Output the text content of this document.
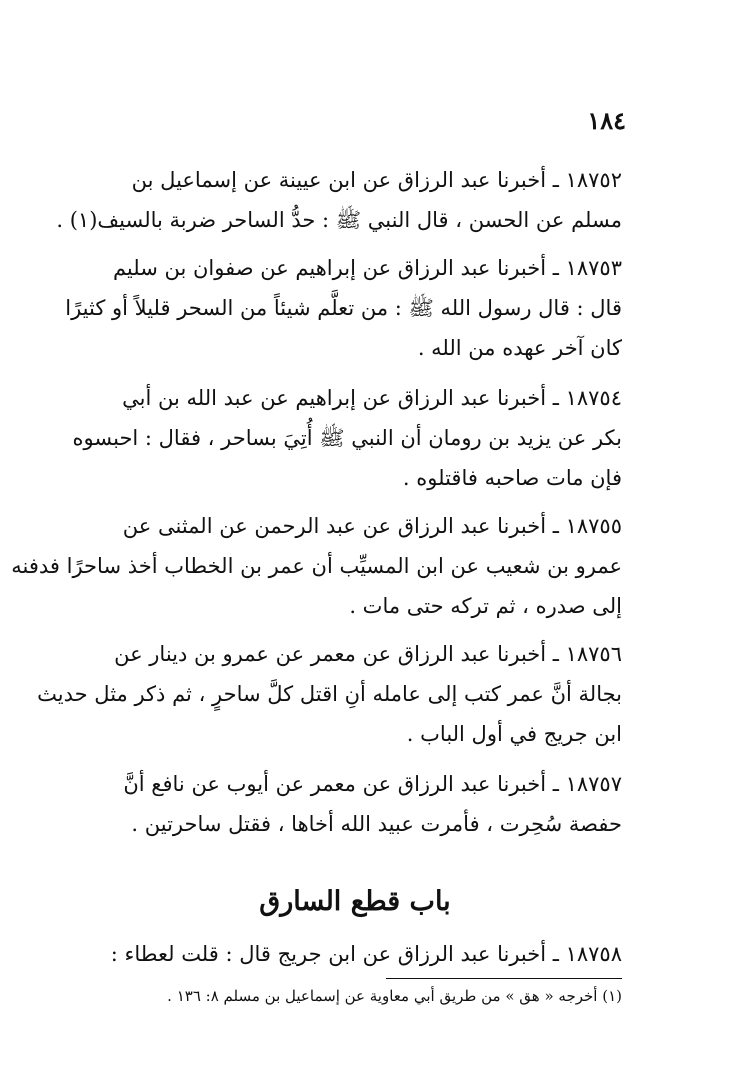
١٨٤
١٨٧٥٢ ـ أخبرنا عبد الرزاق عن ابن عيينة عن إسماعيل بن
مسلم عن الحسن ، قال النبي ﷺ : حدُّ الساحر ضربة بالسيف(١) .
١٨٧٥٣ ـ أخبرنا عبد الرزاق عن إبراهيم عن صفوان بن سليم
قال : قال رسول الله ﷺ : من تعلَّم شيئاً من السحر قليلاً أو كثيرًا
كان آخر عهده من الله .
١٨٧٥٤ ـ أخبرنا عبد الرزاق عن إبراهيم عن عبد الله بن أبي
بكر عن يزيد بن رومان أن النبي ﷺ أُتِيَ بساحر ، فقال : احبسوه
فإن مات صاحبه فاقتلوه .
١٨٧٥٥ ـ أخبرنا عبد الرزاق عن عبد الرحمن عن المثنى عن
عمرو بن شعيب عن ابن المسيِّب أن عمر بن الخطاب أخذ ساحرًا فدفنه
إلى صدره ، ثم تركه حتى مات .
١٨٧٥٦ ـ أخبرنا عبد الرزاق عن معمر عن عمرو بن دينار عن
بجالة أنَّ عمر كتب إلى عامله أنِ اقتل كلَّ ساحرٍ ، ثم ذكر مثل حديث
ابن جريج في أول الباب .
١٨٧٥٧ ـ أخبرنا عبد الرزاق عن معمر عن أيوب عن نافع أنَّ
حفصة سُحِرت ، فأمرت عبيد الله أخاها ، فقتل ساحرتين .
باب قطع السارق
١٨٧٥٨ ـ أخبرنا عبد الرزاق عن ابن جريج قال : قلت لعطاء :
(١) أخرجه « هق » من طريق أبي معاوية عن إسماعيل بن مسلم ٨: ١٣٦ .
